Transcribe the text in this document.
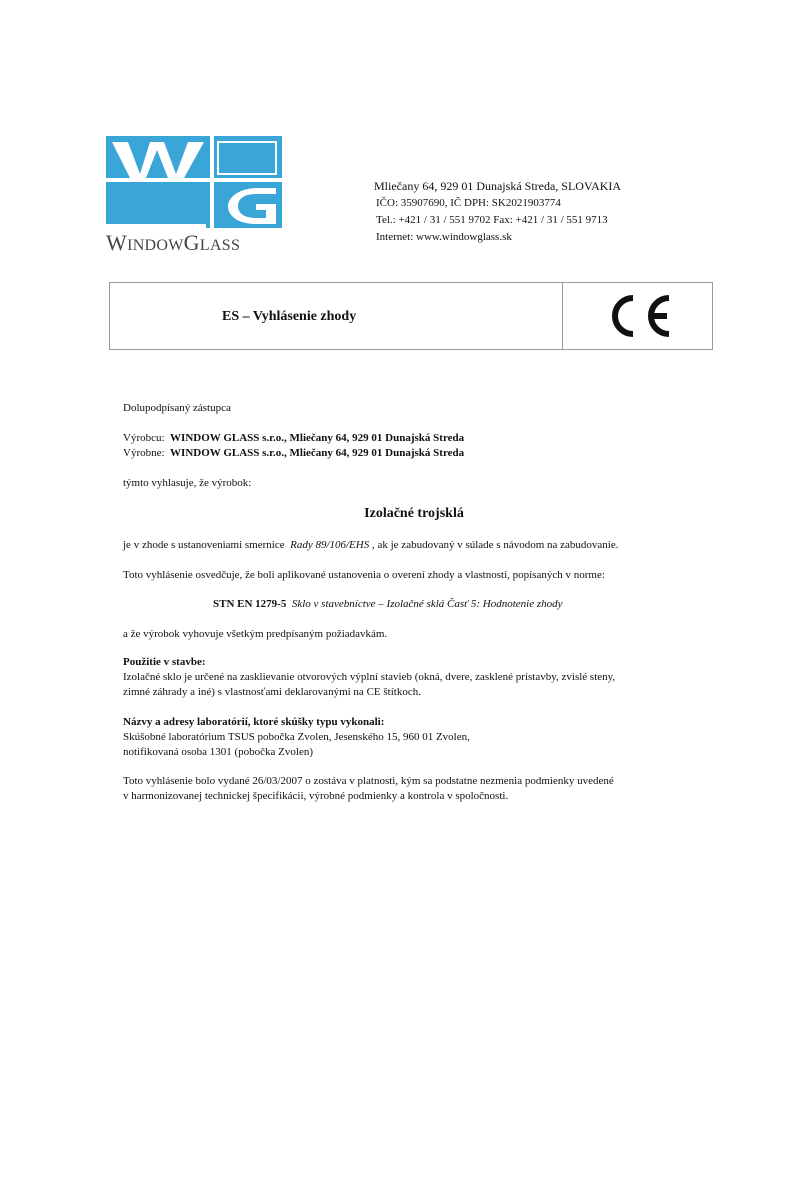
WINDOWGLASS
Mliečany 64, 929 01 Dunajská Streda, SLOVAKIA
IČO: 35907690, IČ DPH: SK2021903774
Tel.: +421 / 31 / 551 9702 Fax: +421 / 31 / 551 9713
Internet: www.windowglass.sk
ES – Vyhlásenie zhody
Dolupodpísaný zástupca
Výrobcu: WINDOW GLASS s.r.o., Mliečany 64, 929 01 Dunajská Streda
Výrobne: WINDOW GLASS s.r.o., Mliečany 64, 929 01 Dunajská Streda
týmto vyhlasuje, že výrobok:
Izolačné trojsklá
je v zhode s ustanoveniami smernice Rady 89/106/EHS , ak je zabudovaný v súlade s návodom na zabudovanie.
Toto vyhlásenie osvedčuje, že boli aplikované ustanovenia o overení zhody a vlastností, popísaných v norme:
STN EN 1279-5 Sklo v stavebníctve – Izolačné sklá Časť 5: Hodnotenie zhody
a že výrobok vyhovuje všetkým predpísaným požiadavkám.
Použitie v stavbe:
Izolačné sklo je určené na zasklievanie otvorových výplní stavieb (okná, dvere, zasklené prístavby, zvislé steny,
zimné záhrady a iné) s vlastnosťami deklarovanými na CE štítkoch.
Názvy a adresy laboratórií, ktoré skúšky typu vykonali:
Skúšobné laboratórium TSUS pobočka Zvolen, Jesenského 15, 960 01 Zvolen,
notifikovaná osoba 1301 (pobočka Zvolen)
Toto vyhlásenie bolo vydané 26/03/2007 o zostáva v platnosti, kým sa podstatne nezmenia podmienky uvedené
v harmonizovanej technickej špecifikácii, výrobné podmienky a kontrola v spoločnosti.
